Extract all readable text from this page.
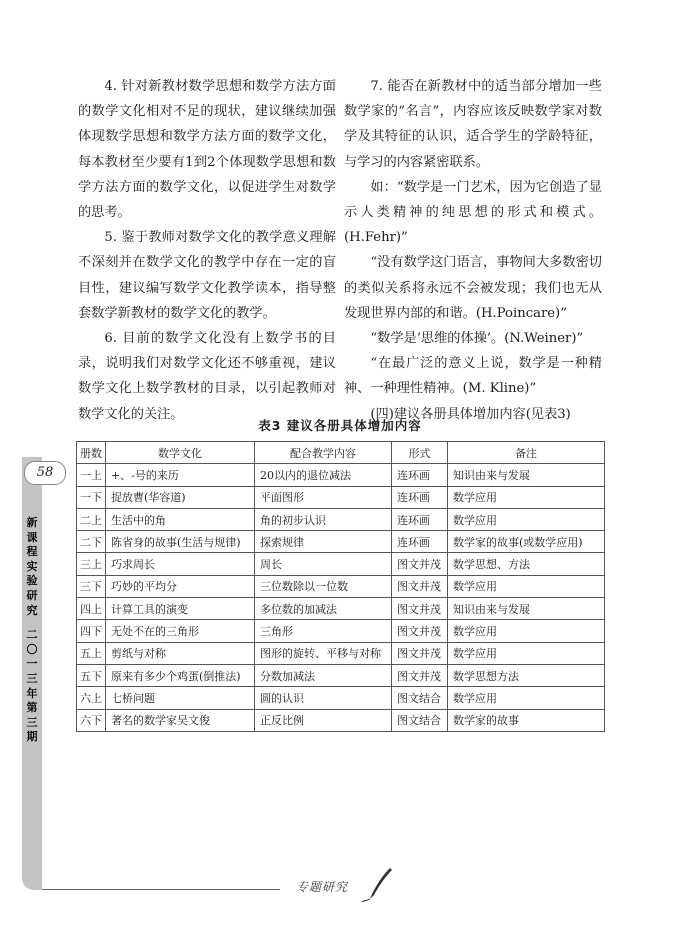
4. 针对新教材数学思想和数学方法方面的数学文化相对不足的现状，建议继续加强体现数学思想和数学方法方面的数学文化，每本教材至少要有1到2个体现数学思想和数学方法方面的数学文化，以促进学生对数学的思考。

5. 鉴于教师对数学文化的教学意义理解不深刻并在数学文化的教学中存在一定的盲目性，建议编写数学文化教学读本，指导整套数学新教材的数学文化的教学。

6. 目前的数学文化没有上数学书的目录，说明我们对数学文化还不够重视，建议数学文化上数学教材的目录，以引起教师对数学文化的关注。

7. 能否在新教材中的适当部分增加一些数学家的“名言”，内容应该反映数学家对数学及其特征的认识，适合学生的学龄特征，与学习的内容紧密联系。

如：“数学是一门艺术，因为它创造了显示人类精神的纯思想的形式和模式。(H.Fehr)”

“没有数学这门语言，事物间大多数密切的类似关系将永远不会被发现；我们也无从发现世界内部的和谐。(H.Poincare)”

“数学是‘思维的体操’。(N.Weiner)”

“在最广泛的意义上说，数学是一种精神、一种理性精神。(M. Kline)”

(四)建议各册具体增加内容(见表3)

表3 建议各册具体增加内容
册数	数学文化	配合教学内容	形式	备注
一上	+、-号的来历	20以内的退位减法	连环画	知识由来与发展
一下	捉放曹(华容道)	平面图形	连环画	数学应用
二上	生活中的角	角的初步认识	连环画	数学应用
二下	陈省身的故事(生活与规律)	探索规律	连环画	数学家的故事(或数学应用)
三上	巧求周长	周长	图文并茂	数学思想、方法
三下	巧妙的平均分	三位数除以一位数	图文并茂	数学应用
四上	计算工具的演变	多位数的加减法	图文并茂	知识由来与发展
四下	无处不在的三角形	三角形	图文并茂	数学应用
五上	剪纸与对称	图形的旋转、平移与对称	图文并茂	数学应用
五下	原来有多少个鸡蛋(倒推法)	分数加减法	图文并茂	数学思想方法
六上	七桥问题	圆的认识	图文结合	数学应用
六下	著名的数学家吴文俊	正反比例	图文结合	数学家的故事
58
新课程实验研究
二〇一三年第三期
专题研究
